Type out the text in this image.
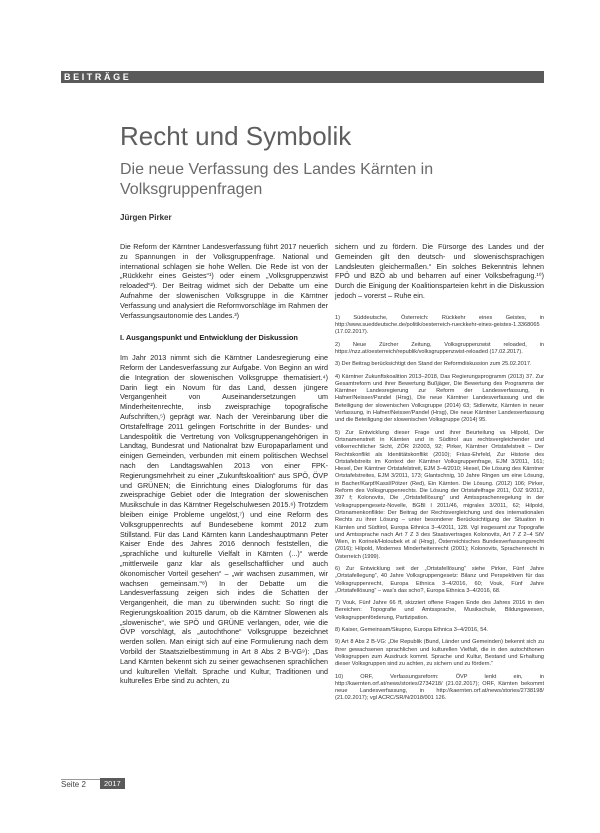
BEITRÄGE
Recht und Symbolik
Die neue Verfassung des Landes Kärnten in Volksgruppenfragen
Jürgen Pirker

Die Reform der Kärntner Landesverfassung führt 2017 neuerlich zu Spannungen in der Volksgruppenfrage. National und international schlagen sie hohe Wellen. Die Rede ist von der „Rückkehr eines Geistes“¹) oder einem „Volksgruppenzwist reloaded“²). Der Beitrag widmet sich der Debatte um eine Aufnahme der slowenischen Volksgruppe in die Kärntner Verfassung und analysiert die Reformvorschläge im Rahmen der Verfassungsautonomie des Landes.³)

I. Ausgangspunkt und Entwicklung der Diskussion

Im Jahr 2013 nimmt sich die Kärntner Landesregierung eine Reform der Landesverfassung zur Aufgabe. Von Beginn an wird die Integration der slowenischen Volksgruppe thematisiert.⁴) Darin liegt ein Novum für das Land, dessen jüngere Vergangenheit von Auseinandersetzungen um Minderheitenrechte, insb zweisprachige topografische Aufschriften,⁵) geprägt war. Nach der Vereinbarung über die Ortstafelfrage 2011 gelingen Fortschritte in der Bundes- und Landespolitik die Vertretung von Volksgruppenangehörigen in Landtag, Bundesrat und Nationalrat bzw Europaparlament und einigen Gemeinden, verbunden mit einem politischen Wechsel nach den Landtagswahlen 2013 von einer FPK-Regierungsmehrheit zu einer „Zukunftskoalition“ aus SPÖ, ÖVP und GRÜNEN; die Einrichtung eines Dialogforums für das zweisprachige Gebiet oder die Integration der slowenischen Musikschule in das Kärntner Regelschulwesen 2015.⁶) Trotzdem bleiben einige Probleme ungelöst,⁷) und eine Reform des Volksgruppenrechts auf Bundesebene kommt 2012 zum Stillstand. Für das Land Kärnten kann Landeshauptmann Peter Kaiser Ende des Jahres 2016 dennoch feststellen, die „sprachliche und kulturelle Vielfalt in Kärnten (...)“ werde „mittlerweile ganz klar als gesellschaftlicher und auch ökonomischer Vorteil gesehen“ – „wir wachsen zusammen, wir wachsen gemeinsam.“⁸) In der Debatte um die Landesverfassung zeigen sich indes die Schatten der Vergangenheit, die man zu überwinden sucht: So ringt die Regierungskoalition 2015 darum, ob die Kärntner Slowenen als „slowenische“, wie SPÖ und GRÜNE verlangen, oder, wie die ÖVP vorschlägt, als „autochthone“ Volksgruppe bezeichnet werden sollen. Man einigt sich auf eine Formulierung nach dem Vorbild der Staatszielbestimmung in Art 8 Abs 2 B-VG⁹): „Das Land Kärnten bekennt sich zu seiner gewachsenen sprachlichen und kulturellen Vielfalt. Sprache und Kultur, Traditionen und kulturelles Erbe sind zu achten, zu

sichern und zu fördern. Die Fürsorge des Landes und der Gemeinden gilt den deutsch- und slowenischsprachigen Landsleuten gleichermaßen.“ Ein solches Bekenntnis lehnen FPÖ und BZÖ ab und beharren auf einer Volksbefragung.¹⁰) Durch die Einigung der Koalitionsparteien kehrt in die Diskussion jedoch – vorerst – Ruhe ein.

1) Süddeutsche, Österreich: Rückkehr eines Geistes, in http://www.sueddeutsche.de/politik/oesterreich-rueckkehr-eines-geistes-1.3368065 (17.02.2017).
2) Neue Zürcher Zeitung, Volksgruppenzwist reloaded, in https://nzz.at/oesterreich/republik/volksgruppenzwist-reloaded (17.02.2017).
3) Der Beitrag berücksichtigt den Stand der Reformdiskussion zum 25.02.2017.
4) Kärntner Zukunftskoalition 2013–2018, Das Regierungsprogramm (2013) 37. Zur Gesamtreform und ihrer Bewertung Bußjäger, Die Bewertung des Programms der Kärntner Landesregierung zur Reform der Landesverfassung, in Hafner/Neisser/Pandel (Hrsg), Die neue Kärntner Landesverfassung und die Beteiligung der slowenischen Volksgruppe (2014) 63; Sidlerwitz, Kärnten in neuer Verfassung, in Hafner/Neisser/Pandel (Hrsg), Die neue Kärntner Landesverfassung und die Beteiligung der slowenischen Volksgruppe (2014) 95.
5) Zur Entwicklung dieser Frage und ihrer Beurteilung va Hilpold, Der Ortsnamenstreit in Kärnten und in Südtirol aus rechtsvergleichender und völkerrechtlicher Sicht, ZÖR 2/2003, 92; Pirker, Kärntner Ortstafelstreit – Der Rechtskonflikt als Identitätskonflikt (2010); Fräss-Ehrfeld, Zur Historie des Ortstafelstreits im Kontext der Kärntner Volksgruppenfrage, EJM 3/2011, 161; Hiesel, Der Kärntner Ortstafelstreit, EJM 3–4/2010; Hiesel, Die Lösung des Kärntner Ortstafelstreites, EJM 3/2011, 173; Glantschnig, 10 Jahre Ringen um eine Lösung, in Bacher/Karpf/Kassl/Pötzer (Red), Ein Kärnten. Die Lösung. (2012) 106; Pirker, Reform des Volksgruppenrechts. Die Lösung der Ortstafelfrage 2011, ÖJZ 9/2012, 397 f; Kolonovits, Die „Ortstafellösung“ und Amtssprachenregelung in der Volksgruppengesetz-Novelle, BGBl I 2011/46, migralex 3/2011, 62; Hilpold, Ortsnamenkonflikte: Der Beitrag der Rechtsvergleichung und des internationalen Rechts zu ihrer Lösung – unter besonderer Berücksichtigung der Situation in Kärnten und Südtirol, Europa Ethnica 3–4/2011, 128. Vgl insgesamt zur Topografie und Amtssprache nach Art 7 Z 3 des Staatsvertrages Kolonovits, Art 7 Z 2–4 StV Wien, in Korinek/Holoubek et al (Hrsg), Österreichisches Bundesverfassungsrecht (2016); Hilpold, Modernes Minderheitenrecht (2001); Kolonovits, Sprachenrecht in Österreich (1999).
6) Zur Entwicklung seit der „Ortstafellösung“ siehe Pirker, Fünf Jahre „Ortstafellegung“, 40 Jahre Volksgruppengesetz: Bilanz und Perspektiven für das Volksgruppenrecht, Europa Ethnica 3–4/2016, 60; Vouk, Fünf Jahre „Ortstafellösung“ – was's das scho?, Europa Ethnica 3–4/2016, 68.
7) Vouk, Fünf Jahre 66 ff, skizziert offene Fragen Ende des Jahres 2016 in den Bereichen: Topografie und Amtssprache, Musikschule, Bildungswesen, Volksgruppenförderung, Partizipation.
8) Kaiser, Gemeinsam/Skupno, Europa Ethnica 3–4/2016, 54.
9) Art 8 Abs 2 B-VG: „Die Republik (Bund, Länder und Gemeinden) bekennt sich zu ihrer gewachsenen sprachlichen und kulturellen Vielfalt, die in den autochthonen Volksgruppen zum Ausdruck kommt. Sprache und Kultur, Bestand und Erhaltung dieser Volksgruppen sind zu achten, zu sichern und zu fördern.“
10) ORF, Verfassungsreform: ÖVP lenkt ein, in http://kaernten.orf.at/news/stories/2734218/ (21.02.2017); ORF, Kärnten bekommt neue Landesverfassung, in http://kaernten.orf.at/news/stories/2738198/ (21.02.2017); vgl ACRC/SR/N/2018/001 126.
Seite 2	2017
